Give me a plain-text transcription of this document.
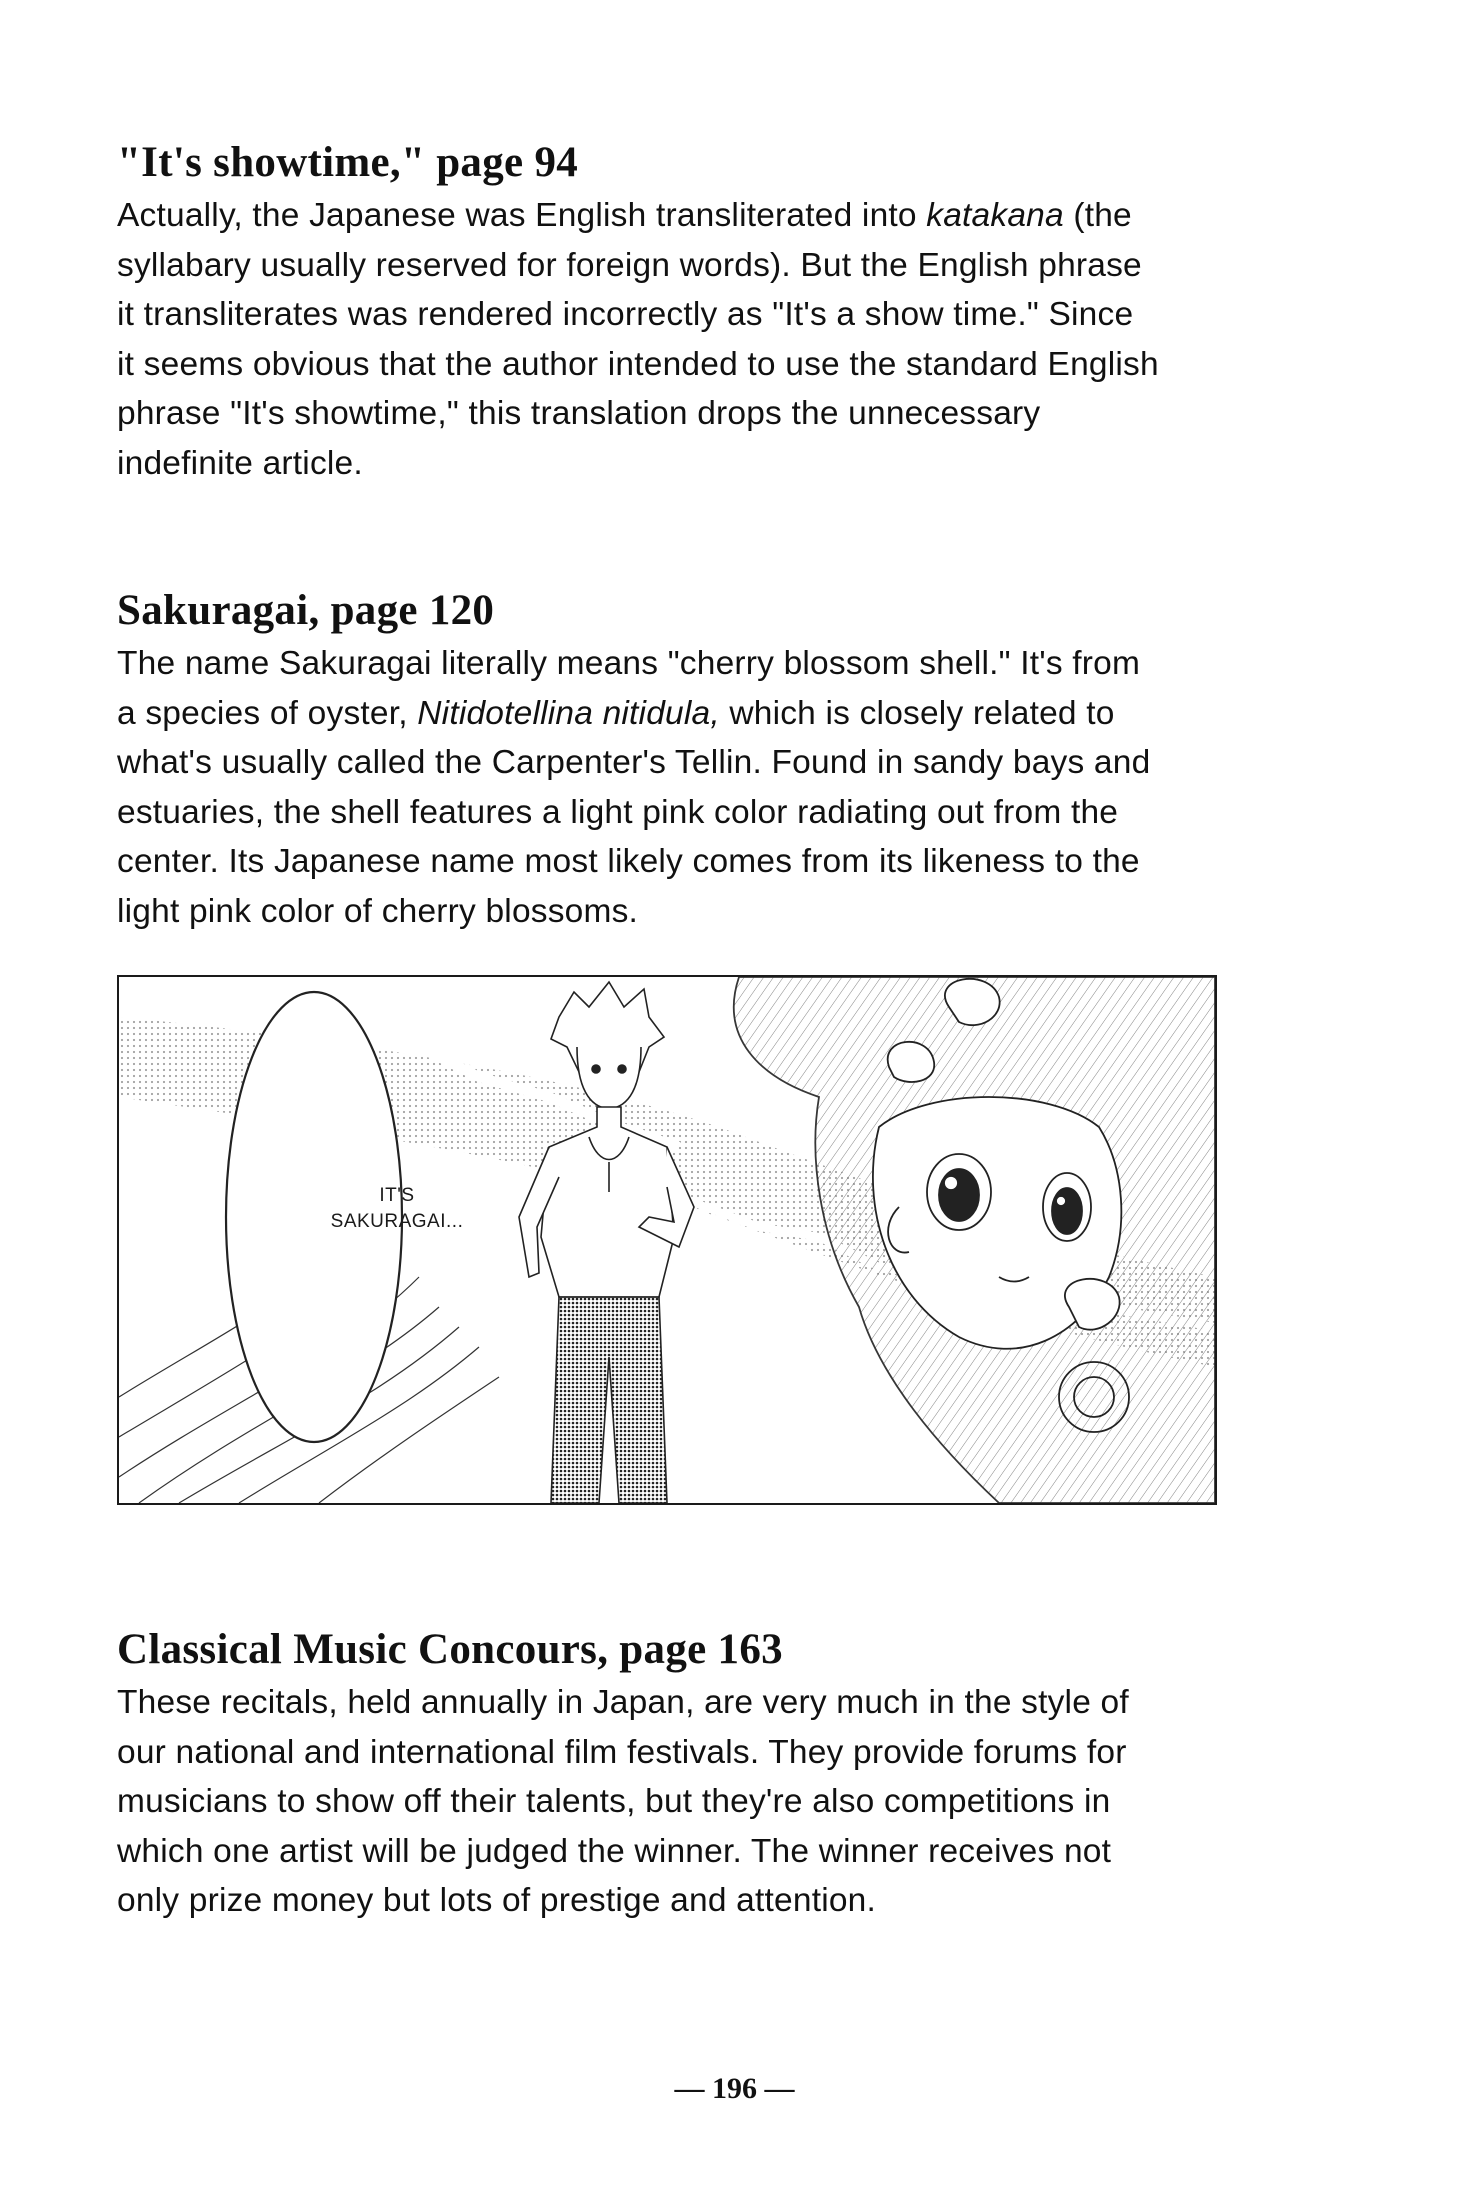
"It's showtime," page 94

Actually, the Japanese was English transliterated into katakana (the
syllabary usually reserved for foreign words). But the English phrase
it transliterates was rendered incorrectly as "It's a show time." Since
it seems obvious that the author intended to use the standard English
phrase "It's showtime," this translation drops the unnecessary
indefinite article.

Sakuragai, page 120

The name Sakuragai literally means "cherry blossom shell." It's from
a species of oyster, Nitidotellina nitidula, which is closely related to
what's usually called the Carpenter's Tellin. Found in sandy bays and
estuaries, the shell features a light pink color radiating out from the
center. Its Japanese name most likely comes from its likeness to the
light pink color of cherry blossoms.

IT'S
SAKURAGAI...
Classical Music Concours, page 163

These recitals, held annually in Japan, are very much in the style of
our national and international film festivals. They provide forums for
musicians to show off their talents, but they're also competitions in
which one artist will be judged the winner. The winner receives not
only prize money but lots of prestige and attention.

— 196 —
